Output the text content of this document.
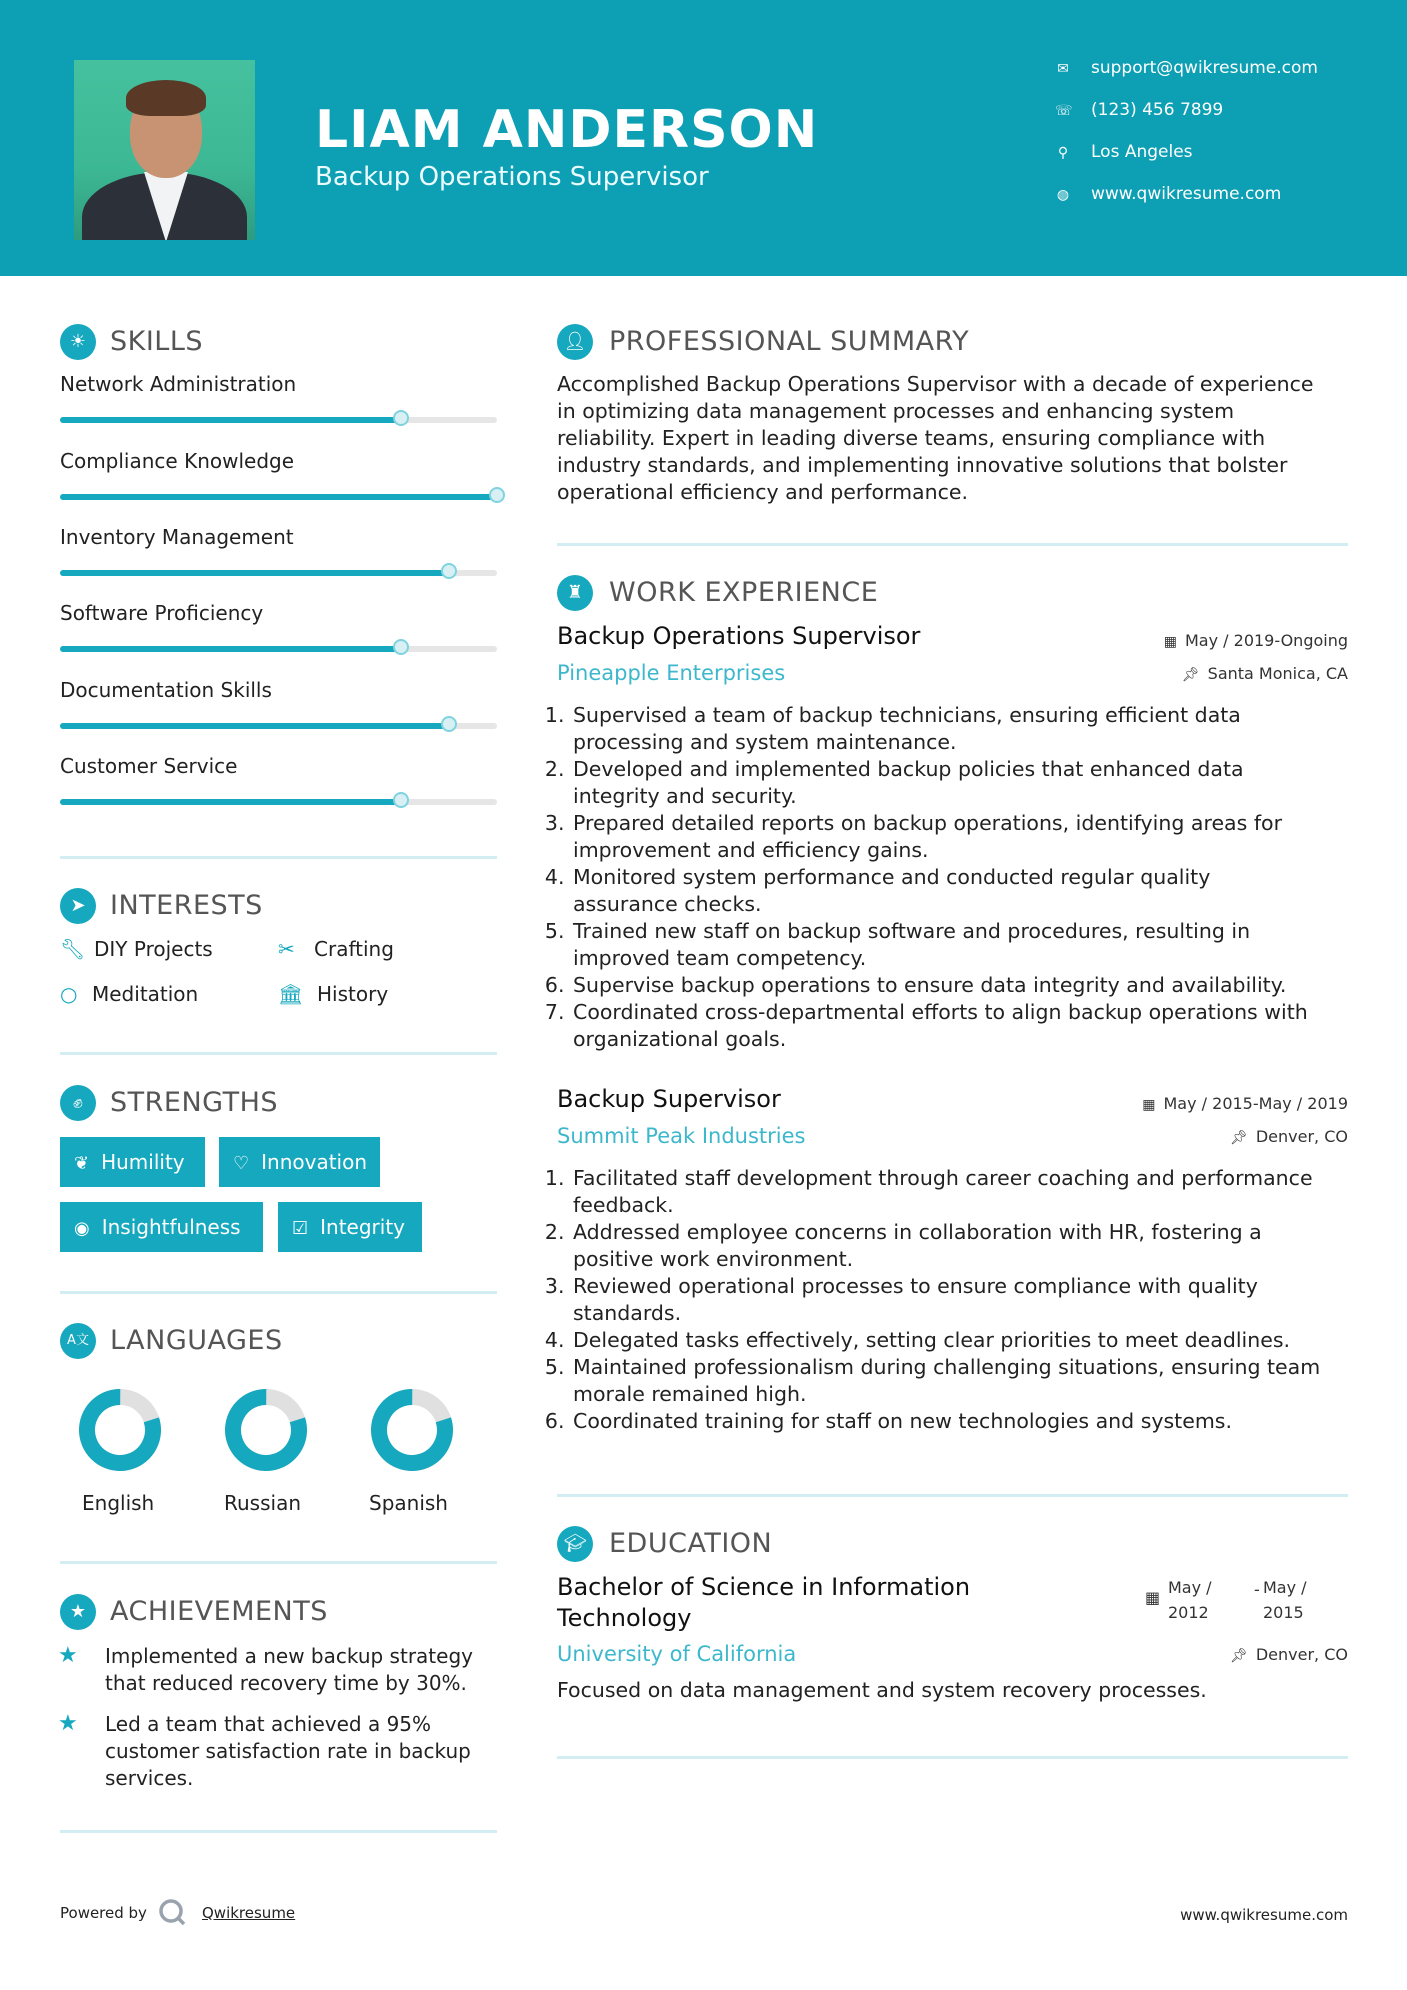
LIAM ANDERSON
Backup Operations Supervisor
✉ support@qwikresume.com
☏ (123) 456 7899
⚲ Los Angeles
◍ www.qwikresume.com
☀ SKILLS
Network Administration
Compliance Knowledge
Inventory Management
Software Proficiency
Documentation Skills
Customer Service
➤ INTERESTS
🔧︎ DIY Projects	✂ Crafting
○ Meditation	🏛︎ History
✊︎	STRENGTHS
❦ Humility	♡ Innovation
◉ Insightfulness	☑ Integrity
A文 LANGUAGES
English	Russian	Spanish
★ ACHIEVEMENTS
★ Implemented a new backup strategy
that reduced recovery time by 30%.
★ Led a team that achieved a 95%
customer satisfaction rate in backup
services.
👤︎ PROFESSIONAL SUMMARY
Accomplished Backup Operations Supervisor with a decade of experience
in optimizing data management processes and enhancing system
reliability. Expert in leading diverse teams, ensuring compliance with
industry standards, and implementing innovative solutions that bolster
operational efficiency and performance.
♜ WORK EXPERIENCE
Backup Operations Supervisor	▦ May / 2019-Ongoing
Pineapple Enterprises	📌︎ Santa Monica, CA
1. Supervised a team of backup technicians, ensuring efficient data
processing and system maintenance.
2. Developed and implemented backup policies that enhanced data
integrity and security.
3. Prepared detailed reports on backup operations, identifying areas for
improvement and efficiency gains.
4. Monitored system performance and conducted regular quality
assurance checks.
5. Trained new staff on backup software and procedures, resulting in
improved team competency.
6. Supervise backup operations to ensure data integrity and availability.
7. Coordinated cross-departmental efforts to align backup operations with
organizational goals.
Backup Supervisor	▦ May / 2015-May / 2019
Summit Peak Industries	📌︎ Denver, CO
1. Facilitated staff development through career coaching and performance
feedback.
2. Addressed employee concerns in collaboration with HR, fostering a
positive work environment.
3. Reviewed operational processes to ensure compliance with quality
standards.
4. Delegated tasks effectively, setting clear priorities to meet deadlines.
5. Maintained professionalism during challenging situations, ensuring team
morale remained high.
6. Coordinated training for staff on new technologies and systems.
🎓︎ EDUCATION
Bachelor of Science in Information
Technology
▦
May /
2012
- May /
2015
University of California	📌︎ Denver, CO
Focused on data management and system recovery processes.
Powered by	Qwikresume	www.qwikresume.com
